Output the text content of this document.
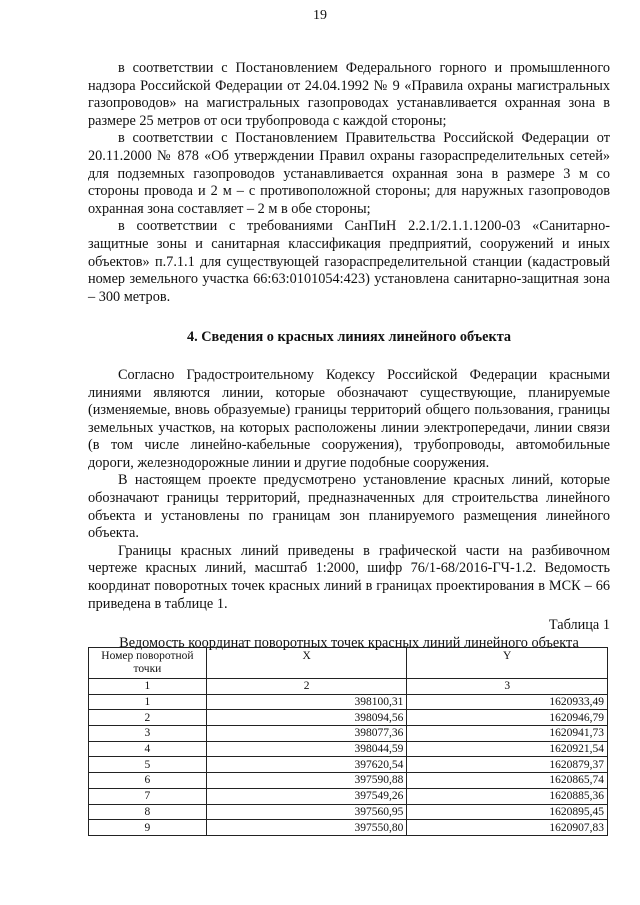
19

в соответствии с Постановлением Федерального горного и промышленного надзора Российской Федерации от 24.04.1992 № 9 «Правила охраны магистральных газопроводов» на магистральных газопроводах устанавливается охранная зона в размере 25 метров от оси трубопровода с каждой стороны;

в соответствии с Постановлением Правительства Российской Федерации от 20.11.2000 № 878 «Об утверждении Правил охраны газораспределительных сетей» для подземных газопроводов устанавливается охранная зона в размере 3 м со стороны провода и 2 м – с противоположной стороны; для наружных газопроводов охранная зона составляет – 2 м в обе стороны;

в соответствии с требованиями СанПиН 2.2.1/2.1.1.1200-03 «Санитарно-защитные зоны и санитарная классификация предприятий, сооружений и иных объектов» п.7.1.1 для существующей газораспределительной станции (кадастровый номер земельного участка 66:63:0101054:423) установлена санитарно-защитная зона – 300 метров.

4. Сведения о красных линиях линейного объекта

Согласно Градостроительному Кодексу Российской Федерации красными линиями являются линии, которые обозначают существующие, планируемые (изменяемые, вновь образуемые) границы территорий общего пользования, границы земельных участков, на которых расположены линии электропередачи, линии связи (в том числе линейно-кабельные сооружения), трубопроводы, автомобильные дороги, железнодорожные линии и другие подобные сооружения.

В настоящем проекте предусмотрено установление красных линий, которые обозначают границы территорий, предназначенных для строительства линейного объекта и установлены по границам зон планируемого размещения линейного объекта.

Границы красных линий приведены в графической части на разбивочном чертеже красных линий, масштаб 1:2000, шифр 76/1-68/2016-ГЧ-1.2. Ведомость координат поворотных точек красных линий в границах проектирования в МСК – 66 приведена в таблице 1.

Таблица 1
Ведомость координат поворотных точек красных линий линейного объекта
Номер поворотной точки	X	Y
1	2	3
1	398100,31	1620933,49
2	398094,56	1620946,79
3	398077,36	1620941,73
4	398044,59	1620921,54
5	397620,54	1620879,37
6	397590,88	1620865,74
7	397549,26	1620885,36
8	397560,95	1620895,45
9	397550,80	1620907,83
